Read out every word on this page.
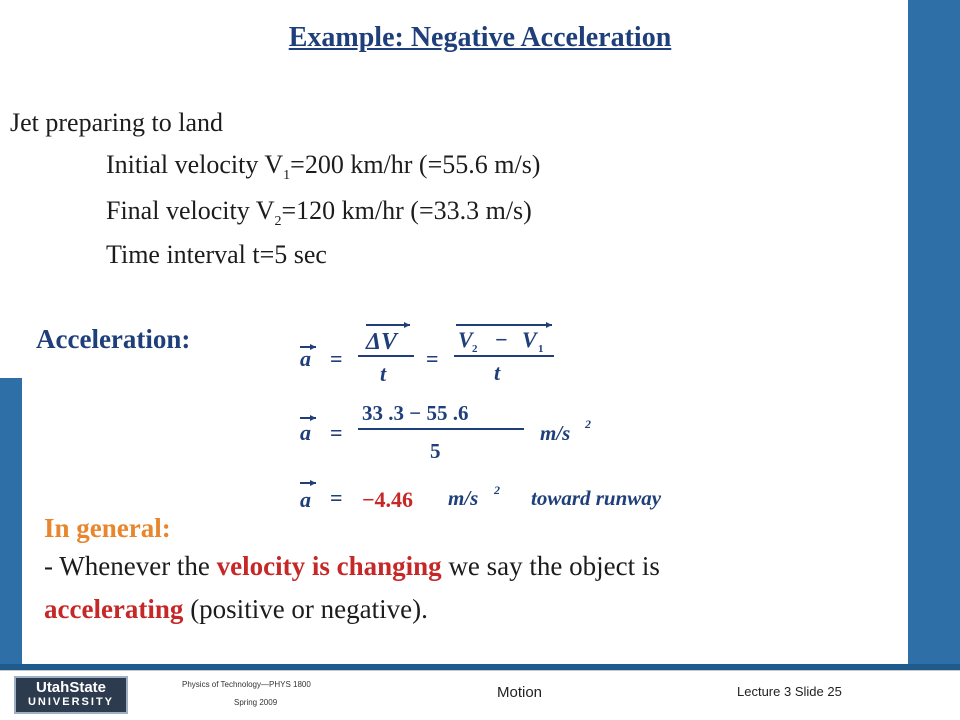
Example: Negative Acceleration
Jet preparing to land
Initial velocity $V_1=200$ km/hr (=55.6 m/s)
Final velocity $V_2=120$ km/hr (=33.3 m/s)
Time interval t=5 sec
Acceleration:
a =
ΔV
t
=
V 2 − V 1
t
a =
33 .3 − 55 .6
5
m/s 2
a = −4.46 m/s 2 toward runway
In general:
- Whenever the velocity is changing we say the object is
accelerating (positive or negative).
UtahState
UNIVERSITY
Physics of Technology—PHYS 1800
Spring 2009
Motion	Lecture 3 Slide 25
